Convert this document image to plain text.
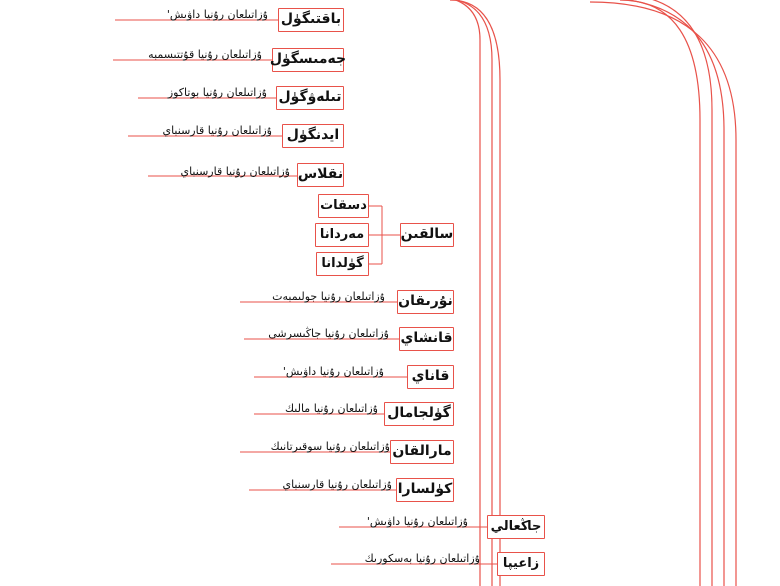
باقتىگۈل
جەمىسگۈل
تىلەۋگۈل
ايدنگۈل
نقلاس
دسقات
مەردانا
گۈلدانا
سالقىن
نۇرىقان
قانشاي
قاناي
گۈلجامال
مارالقان
كۈلسارا
جاڭعالي
زاعيپا
ۇزاتىلعان رۇنيا داۋىش'
ۇزاتىلعان رۇنيا قۇتتىسمبە
ۇزاتىلعان رۇنيا بوتاكوز
ۇزاتىلعان رۇنيا قارسنباي
ۇزاتىلعان رۇنيا قارسنباي
ۇزاتىلعان رۇنيا جولىمبەت
ۇزاتىلعان رۇنيا جاڭىسرشى
ۇزاتىلعان رۇنيا داۋىش'
ۇزاتىلعان رۇنيا مالىك
ۇزاتىلعان رۇنيا سوقىرتانىك
ۇزاتىلعان رۇنيا قارسنباي
ۇزاتىلعان رۇنيا داۋىش'
ۇزاتىلعان رۇنيا بەسكورىك
